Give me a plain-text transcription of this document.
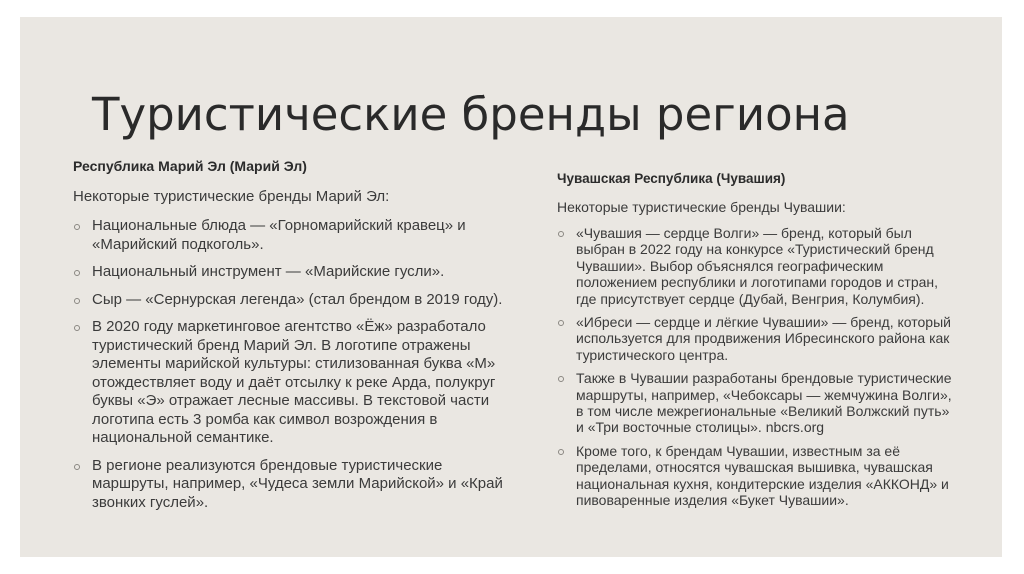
Туристические бренды региона

Республика Марий Эл (Марий Эл)

Некоторые туристические бренды Марий Эл:

Национальные блюда — «Горномарийский кравец» и «Марийский подкоголь».
Национальный инструмент — «Марийские гусли».
Сыр — «Сернурская легенда» (стал брендом в 2019 году).
В 2020 году маркетинговое агентство «Ёж» разработало туристический бренд Марий Эл. В логотипе отражены элементы марийской культуры: стилизованная буква «М» отождествляет воду и даёт отсылку к реке Арда, полукруг буквы «Э» отражает лесные массивы. В текстовой части логотипа есть 3 ромба как символ возрождения в национальной семантике.
В регионе реализуются брендовые туристические маршруты, например, «Чудеса земли Марийской» и «Край звонких гуслей».

Чувашская Республика (Чувашия)

Некоторые туристические бренды Чувашии:

«Чувашия — сердце Волги» — бренд, который был выбран в 2022 году на конкурсе «Туристический бренд Чувашии». Выбор объяснялся географическим положением республики и логотипами городов и стран, где присутствует сердце (Дубай, Венгрия, Колумбия).
«Ибреси — сердце и лёгкие Чувашии» — бренд, который используется для продвижения Ибресинского района как туристического центра.
Также в Чувашии разработаны брендовые туристические маршруты, например, «Чебоксары — жемчужина Волги», в том числе межрегиональные «Великий Волжский путь» и «Три восточные столицы». nbcrs.org
Кроме того, к брендам Чувашии, известным за её пределами, относятся чувашская вышивка, чувашская национальная кухня, кондитерские изделия «АККОНД» и пивоваренные изделия «Букет Чувашии».
